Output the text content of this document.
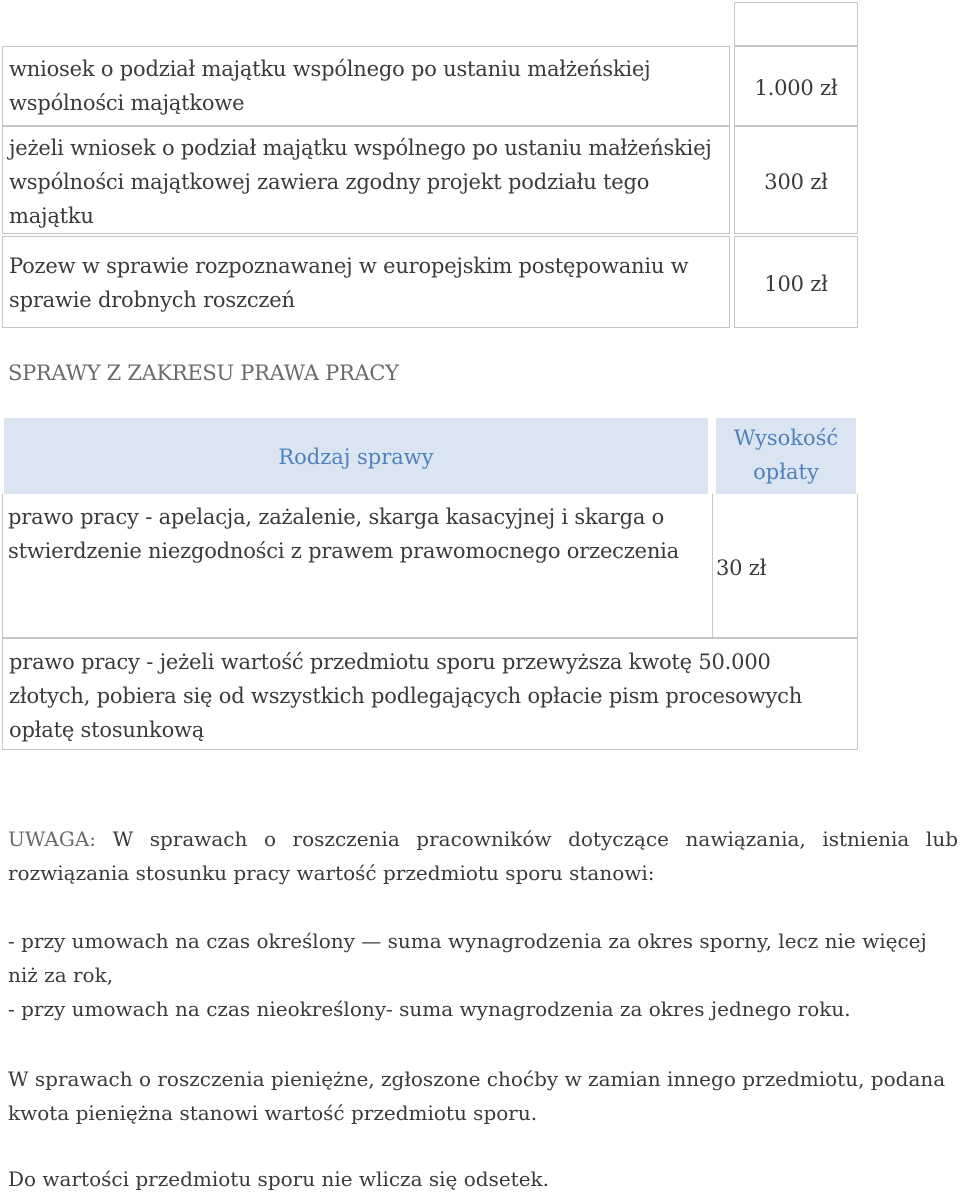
wniosek o podział majątku wspólnego po ustaniu małżeńskiej wspólności majątkowe
1.000 zł
jeżeli wniosek o podział majątku wspólnego po ustaniu małżeńskiej wspólności majątkowej zawiera zgodny projekt podziału tego majątku
300 zł
Pozew w sprawie rozpoznawanej w europejskim postępowaniu w sprawie drobnych roszczeń
100 zł
SPRAWY Z ZAKRESU PRAWA PRACY
Rodzaj sprawy
Wysokość opłaty
prawo pracy - apelacja, zażalenie, skarga kasacyjnej i skarga o stwierdzenie niezgodności z prawem prawomocnego orzeczenia
30 zł
prawo pracy - jeżeli wartość przedmiotu sporu przewyższa kwotę 50.000 złotych, pobiera się od wszystkich podlegających opłacie pism procesowych opłatę stosunkową
UWAGA: W sprawach o roszczenia pracowników dotyczące nawiązania, istnienia lub rozwiązania stosunku pracy wartość przedmiotu sporu stanowi:
- przy umowach na czas określony — suma wynagrodzenia za okres sporny, lecz nie więcej niż za rok,
- przy umowach na czas nieokreślony- suma wynagrodzenia za okres jednego roku.
W sprawach o roszczenia pieniężne, zgłoszone choćby w zamian innego przedmiotu, podana kwota pieniężna stanowi wartość przedmiotu sporu.
Do wartości przedmiotu sporu nie wlicza się odsetek.
